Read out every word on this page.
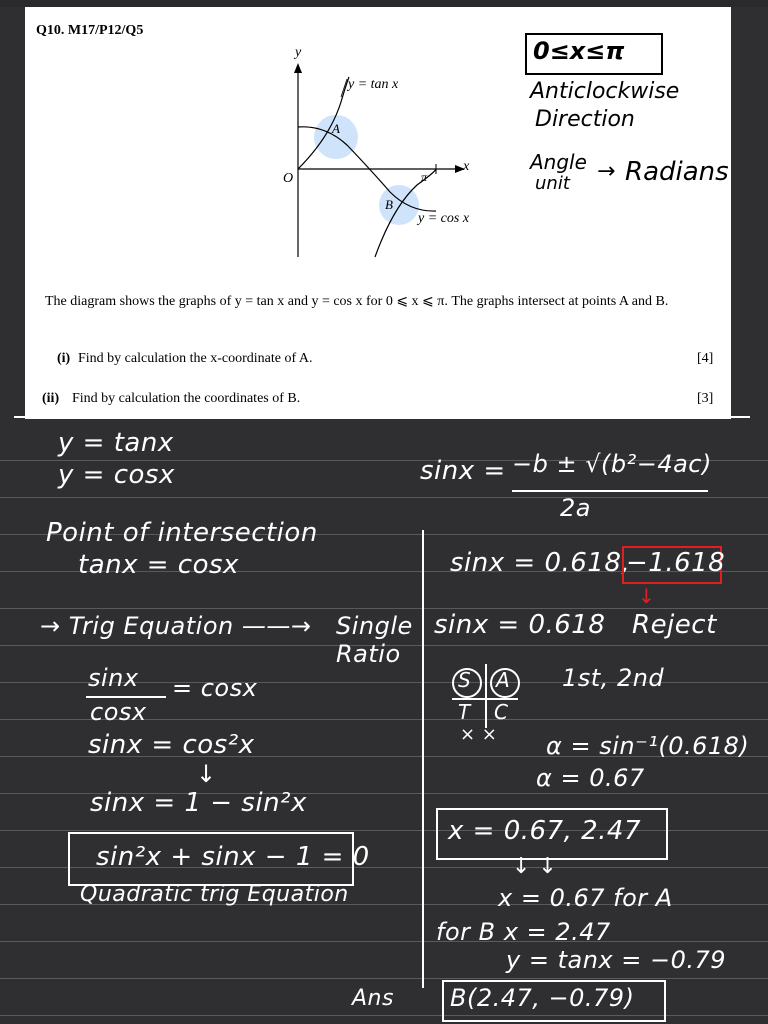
Q10. M17/P12/Q5
y
x
O	π
y = tan x
y = cos x
A
B
0≤x≤π
Anticlockwise
Direction
Angle
unit → Radians
The diagram shows the graphs of y = tan x and y = cos x for 0 ⩽ x ⩽ π. The graphs intersect at points A and B.
(i) Find by calculation the x-coordinate of A.	[4]
(ii) Find by calculation the coordinates of B.	[3]
y = tanx
y = cosx
Point of intersection
tanx = cosx
→ Trig Equation ——→ Single
Ratio
sinx
cosx
= cosx
sinx = cos²x
↓
sinx = 1 − sin²x
sin²x + sinx − 1 = 0
Quadratic trig Equation
sinx = −b ± √(b²−4ac)
2a
sinx = 0.618,
−1.618
↓
sinx = 0.618 Reject
S A
T C
× ×
1st, 2nd
α = sin⁻¹(0.618)
α = 0.67
x = 0.67, 2.47
↓ ↓
x = 0.67 for A
for B x = 2.47
y = tanx = −0.79
Ans B(2.47, −0.79)
